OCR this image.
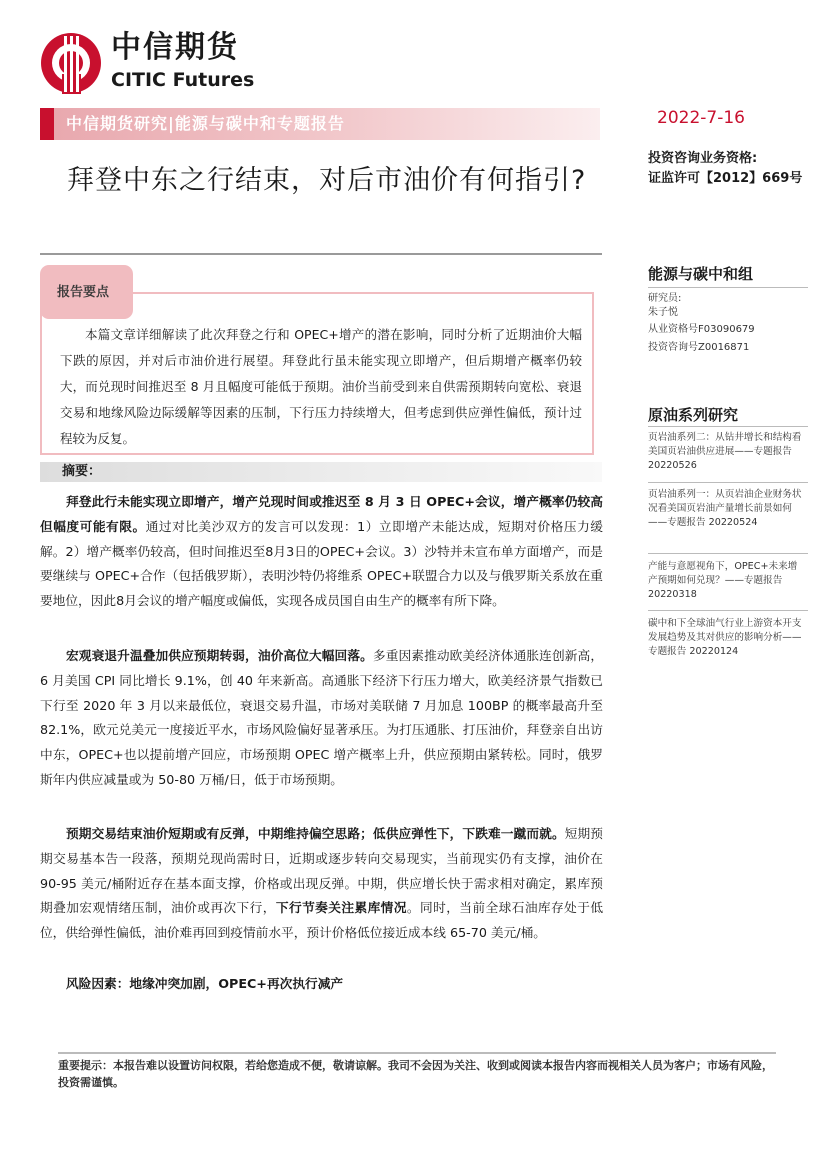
中信期货
CITIC Futures
中信期货研究|能源与碳中和专题报告	2022-7-16
拜登中东之行结束，对后市油价有何指引?
投资咨询业务资格:
证监许可【2012】669号
能源与碳中和组
研究员:
朱子悦
从业资格号F03090679
投资咨询号Z0016871
原油系列研究
页岩油系列二：从钻井增长和结构看美国页岩油供应进展——专题报告 20220526
页岩油系列一：从页岩油企业财务状况看美国页岩油产量增长前景如何——专题报告 20220524
产能与意愿视角下，OPEC+未来增产预期如何兑现？——专题报告 20220318
碳中和下全球油气行业上游资本开支发展趋势及其对供应的影响分析——专题报告 20220124
报告要点
本篇文章详细解读了此次拜登之行和 OPEC+增产的潜在影响，同时分析了近期油价大幅下跌的原因，并对后市油价进行展望。拜登此行虽未能实现立即增产，但后期增产概率仍较大，而兑现时间推迟至 8 月且幅度可能低于预期。油价当前受到来自供需预期转向宽松、衰退交易和地缘风险边际缓解等因素的压制，下行压力持续增大，但考虑到供应弹性偏低，预计过程较为反复。
摘要：
拜登此行未能实现立即增产，增产兑现时间或推迟至 8 月 3 日 OPEC+会议，增产概率仍较高但幅度可能有限。通过对比美沙双方的发言可以发现：1）立即增产未能达成，短期对价格压力缓解。2）增产概率仍较高，但时间推迟至8月3日的OPEC+会议。3）沙特并未宣布单方面增产，而是要继续与 OPEC+合作（包括俄罗斯），表明沙特仍将维系 OPEC+联盟合力以及与俄罗斯关系放在重要地位，因此8月会议的增产幅度或偏低，实现各成员国自由生产的概率有所下降。
宏观衰退升温叠加供应预期转弱，油价高位大幅回落。多重因素推动欧美经济体通胀连创新高，6 月美国 CPI 同比增长 9.1%，创 40 年来新高。高通胀下经济下行压力增大，欧美经济景气指数已下行至 2020 年 3 月以来最低位，衰退交易升温，市场对美联储 7 月加息 100BP 的概率最高升至 82.1%，欧元兑美元一度接近平水，市场风险偏好显著承压。为打压通胀、打压油价，拜登亲自出访中东，OPEC+也以提前增产回应，市场预期 OPEC 增产概率上升，供应预期由紧转松。同时，俄罗斯年内供应减量或为 50-80 万桶/日，低于市场预期。
预期交易结束油价短期或有反弹，中期维持偏空思路；低供应弹性下，下跌难一蹴而就。短期预期交易基本告一段落，预期兑现尚需时日，近期或逐步转向交易现实，当前现实仍有支撑，油价在 90-95 美元/桶附近存在基本面支撑，价格或出现反弹。中期，供应增长快于需求相对确定，累库预期叠加宏观情绪压制，油价或再次下行，下行节奏关注累库情况。同时，当前全球石油库存处于低位，供给弹性偏低，油价难再回到疫情前水平，预计价格低位接近成本线 65-70 美元/桶。
风险因素：地缘冲突加剧，OPEC+再次执行减产
重要提示：本报告难以设置访问权限，若给您造成不便，敬请谅解。我司不会因为关注、收到或阅读本报告内容而视相关人员为客户；市场有风险，投资需谨慎。
